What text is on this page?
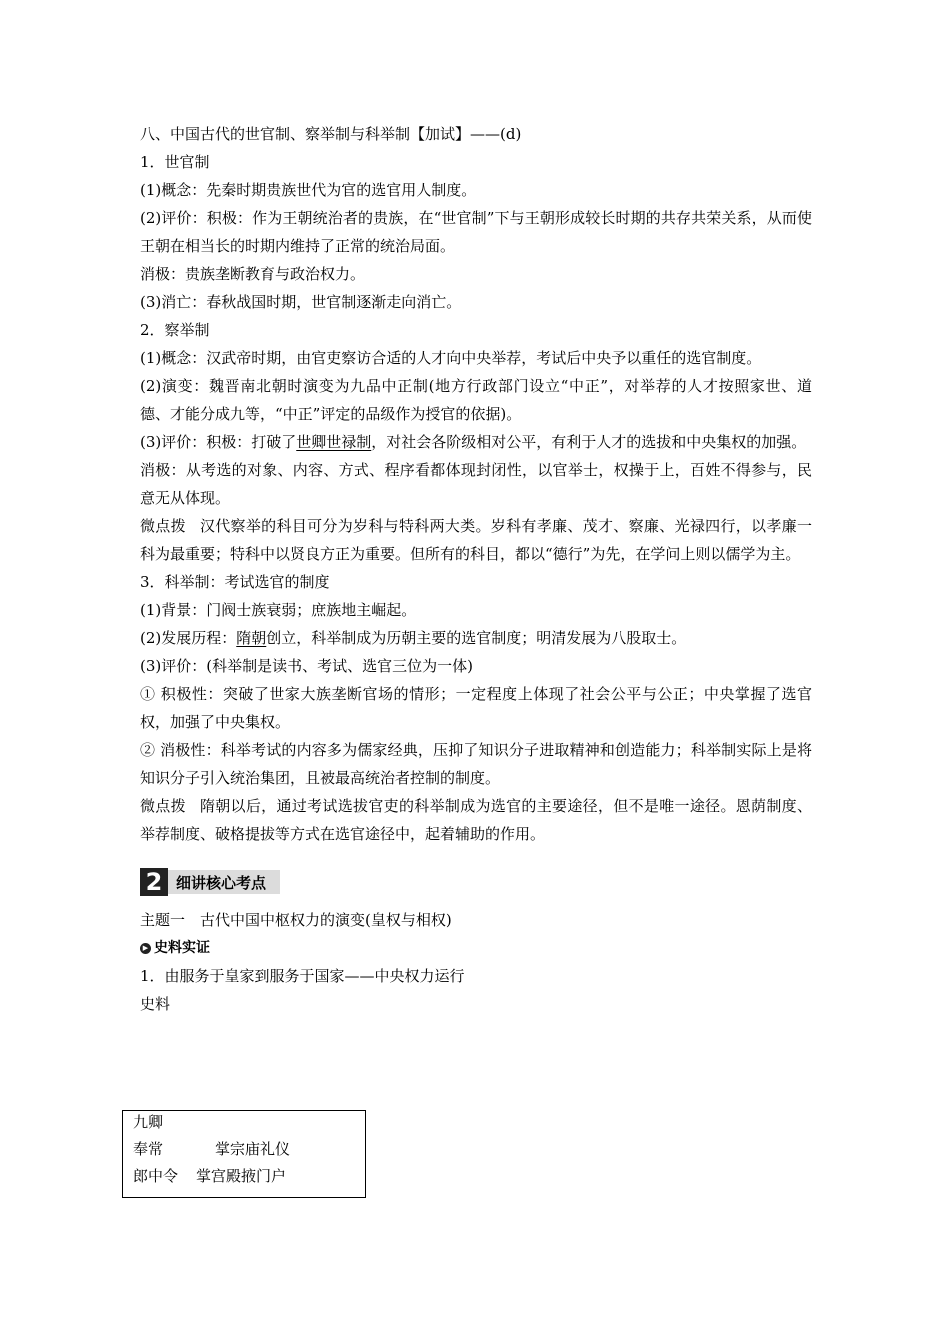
八、中国古代的世官制、察举制与科举制【加试】——(d)
1．世官制
(1)概念：先秦时期贵族世代为官的选官用人制度。
(2)评价：积极：作为王朝统治者的贵族，在“世官制”下与王朝形成较长时期的共存共荣关系，从而使王朝在相当长的时期内维持了正常的统治局面。
消极：贵族垄断教育与政治权力。
(3)消亡：春秋战国时期，世官制逐渐走向消亡。
2．察举制
(1)概念：汉武帝时期，由官吏察访合适的人才向中央举荐，考试后中央予以重任的选官制度。
(2)演变：魏晋南北朝时演变为九品中正制(地方行政部门设立“中正”，对举荐的人才按照家世、道德、才能分成九等，“中正”评定的品级作为授官的依据)。
(3)评价：积极：打破了世卿世禄制，对社会各阶级相对公平，有利于人才的选拔和中央集权的加强。
消极：从考选的对象、内容、方式、程序看都体现封闭性，以官举士，权操于上，百姓不得参与，民意无从体现。
微点拨 汉代察举的科目可分为岁科与特科两大类。岁科有孝廉、茂才、察廉、光禄四行，以孝廉一科为最重要；特科中以贤良方正为重要。但所有的科目，都以“德行”为先，在学问上则以儒学为主。
3．科举制：考试选官的制度
(1)背景：门阀士族衰弱；庶族地主崛起。
(2)发展历程：隋朝创立，科举制成为历朝主要的选官制度；明清发展为八股取士。
(3)评价：(科举制是读书、考试、选官三位为一体)
① 积极性：突破了世家大族垄断官场的情形；一定程度上体现了社会公平与公正；中央掌握了选官权，加强了中央集权。
② 消极性：科举考试的内容多为儒家经典，压抑了知识分子进取精神和创造能力；科举制实际上是将知识分子引入统治集团，且被最高统治者控制的制度。
微点拨 隋朝以后，通过考试选拔官吏的科举制成为选官的主要途径，但不是唯一途径。恩荫制度、举荐制度、破格提拔等方式在选官途径中，起着辅助的作用。
2 细讲核心考点
主题一　古代中国中枢权力的演变(皇权与相权)
▶ 史料实证
1．由服务于皇家到服务于国家——中央权力运行
史料
九卿
奉常	掌宗庙礼仪
郎中令 掌宫殿掖门户
